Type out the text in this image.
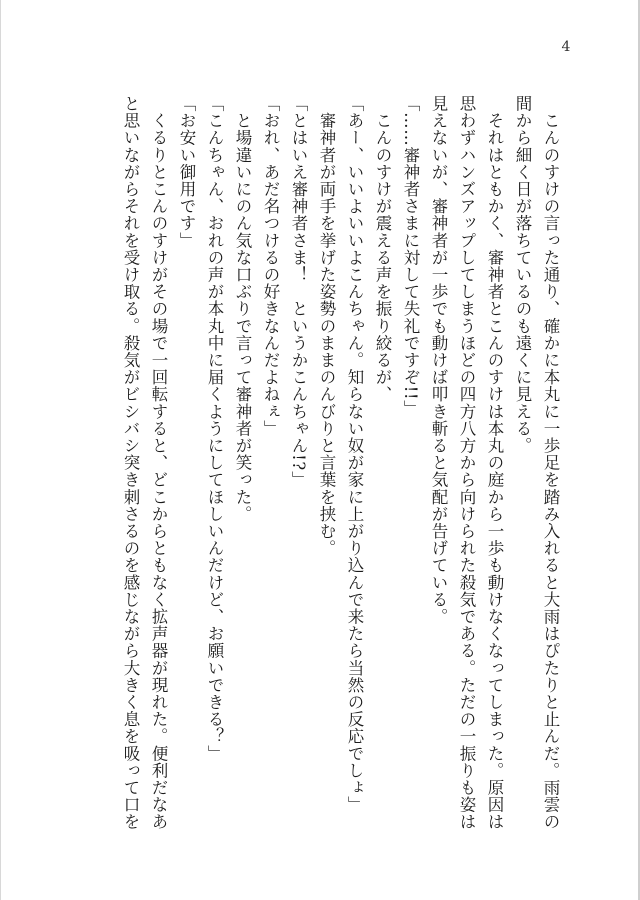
4
　こんのすけの言った通り、確かに本丸に一歩足を踏み入れると大雨はぴたりと止んだ。雨雲の
間から細く日が落ちているのも遠くに見える。
　それはともかく、審神者とこんのすけは本丸の庭から一歩も動けなくなってしまった。原因は
思わずハンズアップしてしまうほどの四方八方から向けられた殺気である。ただの一振りも姿は
見えないが、審神者が一歩でも動けば叩き斬ると気配が告げている。
「……審神者さまに対して失礼ですぞ!!」
　こんのすけが震える声を振り絞るが、
「あー、いいよいいよこんちゃん。知らない奴が家に上がり込んで来たら当然の反応でしょ」
　審神者が両手を挙げた姿勢のままのんびりと言葉を挟む。
「とはいえ審神者さま！　というかこんちゃん!?」
「おれ、あだ名つけるの好きなんだよねぇ」
　と場違いにのん気な口ぶりで言って審神者が笑った。
「こんちゃん、おれの声が本丸中に届くようにしてほしいんだけど、お願いできる？」
「お安い御用です」
　くるりとこんのすけがその場で一回転すると、どこからともなく拡声器が現れた。便利だなあ
と思いながらそれを受け取る。殺気がビシバシ突き刺さるのを感じながら大きく息を吸って口を
